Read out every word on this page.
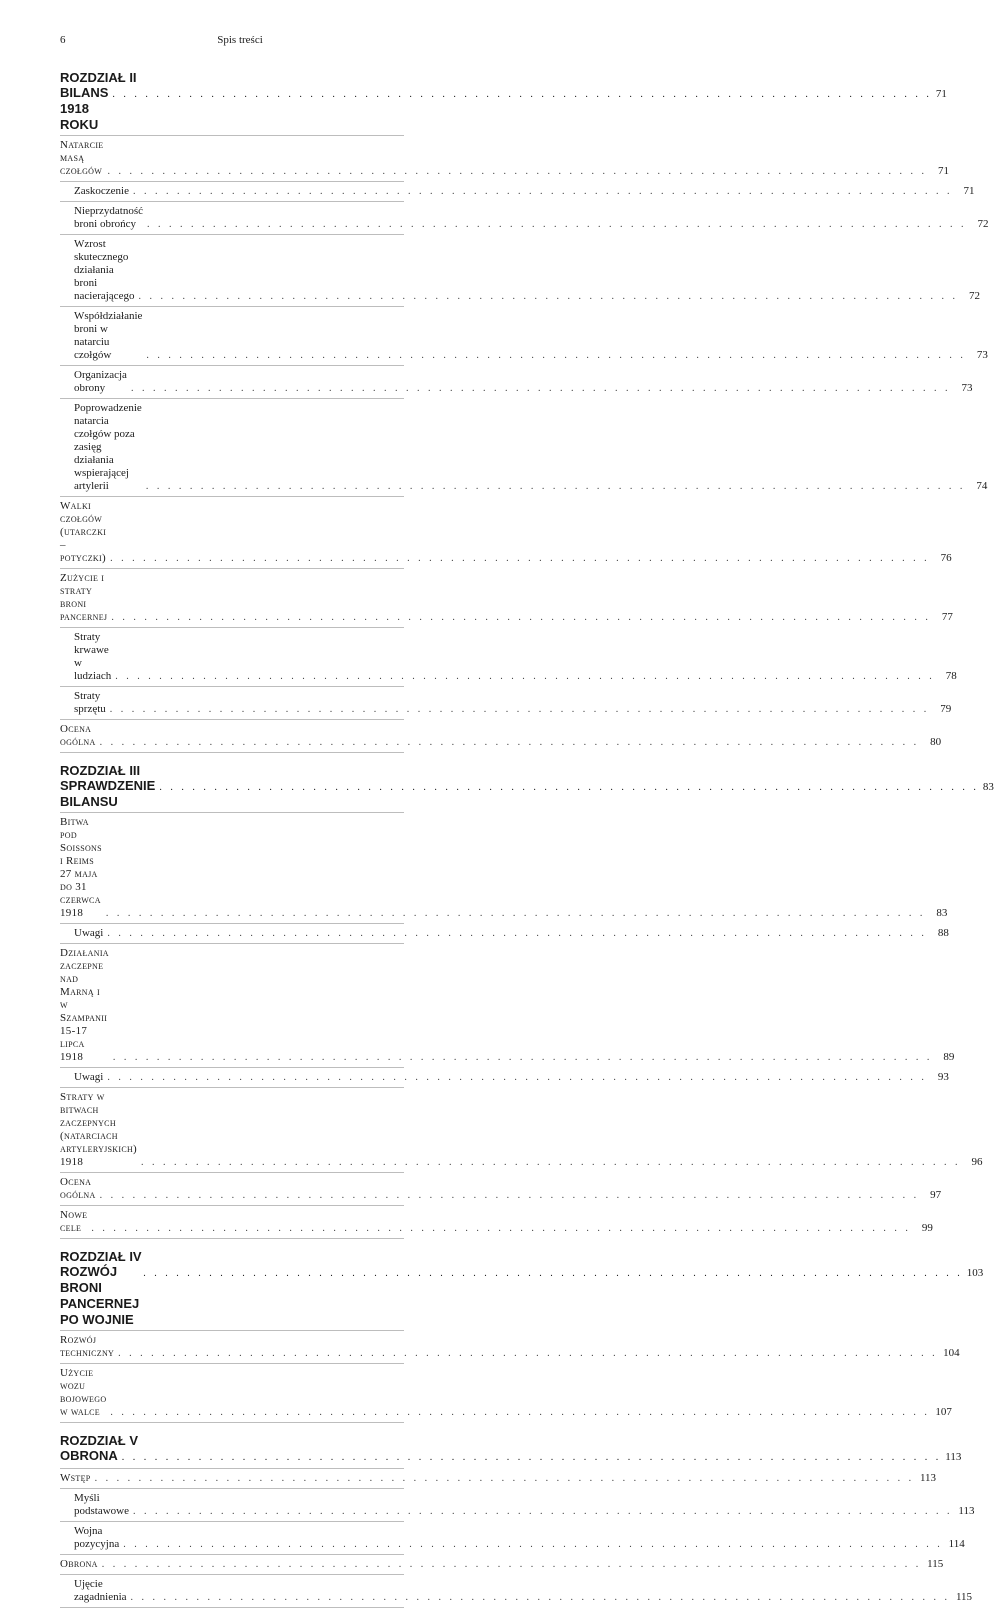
6	Spis treści
ROZDZIAŁ II
BILANS 1918 ROKU
. . . . . . . . . . . . . . . . . . . . . . . . . . . . . . . . . . . . . . . . . . . . . . . . . . . . . . . . . . . . . . . . . . . . . . . . . . . 71
Natarcie masą czołgów . . . . . . . . . . . . . . . . . . . . . . . . . . . . . . . . . . . . . . . . . . . . . . . . . . . . . . . . . . . . . . . . . . . . . . . . . . .	71
Zaskoczenie . . . . . . . . . . . . . . . . . . . . . . . . . . . . . . . . . . . . . . . . . . . . . . . . . . . . . . . . . . . . . . . . . . . . . . . . . . .	71
Nieprzydatność broni obrońcy	. . . . . . . . . . . . . . . . . . . . . . . . . . . . . . . . . . . . . . . . . . . . . . . . . . . . . . . . . . . . . . . . . . . . . . . . . . .	72
Wzrost skutecznego działania broni nacierającego . . . . . . . . . . . . . . . . . . . . . . . . . . . . . . . . . . . . . . . . . . . . . . . . . . . . . . . . . . . . . . . . . . . . . . . . . . .	72
Współdziałanie broni w natarciu czołgów	. . . . . . . . . . . . . . . . . . . . . . . . . . . . . . . . . . . . . . . . . . . . . . . . . . . . . . . . . . . . . . . . . . . . . . . . . . .	73
Organizacja obrony	. . . . . . . . . . . . . . . . . . . . . . . . . . . . . . . . . . . . . . . . . . . . . . . . . . . . . . . . . . . . . . . . . . . . . . . . . . .	73
Poprowadzenie natarcia czołgów poza zasięg działania wspierającej artylerii	. . . . . . . . . . . . . . . . . . . . . . . . . . . . . . . . . . . . . . . . . . . . . . . . . . . . . . . . . . . . . . . . . . . . . . . . . . .	74
Walki czołgów (utarczki – potyczki) . . . . . . . . . . . . . . . . . . . . . . . . . . . . . . . . . . . . . . . . . . . . . . . . . . . . . . . . . . . . . . . . . . . . . . . . . . .	76
Zużycie i straty broni pancernej . . . . . . . . . . . . . . . . . . . . . . . . . . . . . . . . . . . . . . . . . . . . . . . . . . . . . . . . . . . . . . . . . . . . . . . . . . .	77
Straty krwawe w ludziach . . . . . . . . . . . . . . . . . . . . . . . . . . . . . . . . . . . . . . . . . . . . . . . . . . . . . . . . . . . . . . . . . . . . . . . . . . .	78
Straty sprzętu . . . . . . . . . . . . . . . . . . . . . . . . . . . . . . . . . . . . . . . . . . . . . . . . . . . . . . . . . . . . . . . . . . . . . . . . . . .	79
Ocena ogólna . . . . . . . . . . . . . . . . . . . . . . . . . . . . . . . . . . . . . . . . . . . . . . . . . . . . . . . . . . . . . . . . . . . . . . . . . . .	80
ROZDZIAŁ III
SPRAWDZENIE BILANSU
. . . . . . . . . . . . . . . . . . . . . . . . . . . . . . . . . . . . . . . . . . . . . . . . . . . . . . . . . . . . . . . . . . . . . . . . . . . 83
Bitwa pod Soissons i Reims 27 maja do 31 czerwca 1918	. . . . . . . . . . . . . . . . . . . . . . . . . . . . . . . . . . . . . . . . . . . . . . . . . . . . . . . . . . . . . . . . . . . . . . . . . . .	83
Uwagi . . . . . . . . . . . . . . . . . . . . . . . . . . . . . . . . . . . . . . . . . . . . . . . . . . . . . . . . . . . . . . . . . . . . . . . . . . .	88
Działania zaczepne nad Marną i w Szampanii 15-17 lipca 1918	. . . . . . . . . . . . . . . . . . . . . . . . . . . . . . . . . . . . . . . . . . . . . . . . . . . . . . . . . . . . . . . . . . . . . . . . . . .	89
Uwagi . . . . . . . . . . . . . . . . . . . . . . . . . . . . . . . . . . . . . . . . . . . . . . . . . . . . . . . . . . . . . . . . . . . . . . . . . . .	93
Straty w bitwach zaczepnych (natarciach artyleryjskich) 1918	. . . . . . . . . . . . . . . . . . . . . . . . . . . . . . . . . . . . . . . . . . . . . . . . . . . . . . . . . . . . . . . . . . . . . . . . . . .	96
Ocena ogólna . . . . . . . . . . . . . . . . . . . . . . . . . . . . . . . . . . . . . . . . . . . . . . . . . . . . . . . . . . . . . . . . . . . . . . . . . . .	97
Nowe cele	. . . . . . . . . . . . . . . . . . . . . . . . . . . . . . . . . . . . . . . . . . . . . . . . . . . . . . . . . . . . . . . . . . . . . . . . . . .	99
ROZDZIAŁ IV
ROZWÓJ BRONI PANCERNEJ PO WOJNIE
. . . . . . . . . . . . . . . . . . . . . . . . . . . . . . . . . . . . . . . . . . . . . . . . . . . . . . . . . . . . . . . . . . . . . . . . . . . 103
Rozwój techniczny . . . . . . . . . . . . . . . . . . . . . . . . . . . . . . . . . . . . . . . . . . . . . . . . . . . . . . . . . . . . . . . . . . . . . . . . . . . 104
Użycie wozu bojowego w walce	. . . . . . . . . . . . . . . . . . . . . . . . . . . . . . . . . . . . . . . . . . . . . . . . . . . . . . . . . . . . . . . . . . . . . . . . . . . 107
ROZDZIAŁ V
OBRONA . . . . . . . . . . . . . . . . . . . . . . . . . . . . . . . . . . . . . . . . . . . . . . . . . . . . . . . . . . . . . . . . . . . . . . . . . . . 113
Wstęp . . . . . . . . . . . . . . . . . . . . . . . . . . . . . . . . . . . . . . . . . . . . . . . . . . . . . . . . . . . . . . . . . . . . . . . . . . . 113
Myśli podstawowe . . . . . . . . . . . . . . . . . . . . . . . . . . . . . . . . . . . . . . . . . . . . . . . . . . . . . . . . . . . . . . . . . . . . . . . . . . . 113
Wojna pozycyjna . . . . . . . . . . . . . . . . . . . . . . . . . . . . . . . . . . . . . . . . . . . . . . . . . . . . . . . . . . . . . . . . . . . . . . . . . . . 114
Obrona . . . . . . . . . . . . . . . . . . . . . . . . . . . . . . . . . . . . . . . . . . . . . . . . . . . . . . . . . . . . . . . . . . . . . . . . . . . 115
Ujęcie zagadnienia . . . . . . . . . . . . . . . . . . . . . . . . . . . . . . . . . . . . . . . . . . . . . . . . . . . . . . . . . . . . . . . . . . . . . . . . . . . 115
